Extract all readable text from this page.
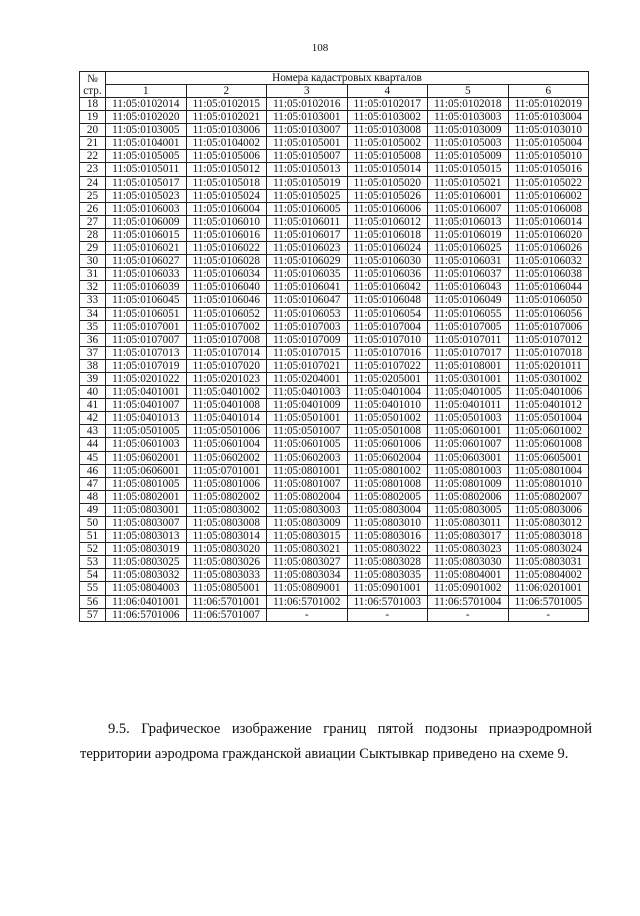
108
№
стр.	Номера кадастровых кварталов					
	1	2	3	4	5	6
18	11:05:0102014	11:05:0102015	11:05:0102016	11:05:0102017	11:05:0102018	11:05:0102019
19	11:05:0102020	11:05:0102021	11:05:0103001	11:05:0103002	11:05:0103003	11:05:0103004
20	11:05:0103005	11:05:0103006	11:05:0103007	11:05:0103008	11:05:0103009	11:05:0103010
21	11:05:0104001	11:05:0104002	11:05:0105001	11:05:0105002	11:05:0105003	11:05:0105004
22	11:05:0105005	11:05:0105006	11:05:0105007	11:05:0105008	11:05:0105009	11:05:0105010
23	11:05:0105011	11:05:0105012	11:05:0105013	11:05:0105014	11:05:0105015	11:05:0105016
24	11:05:0105017	11:05:0105018	11:05:0105019	11:05:0105020	11:05:0105021	11:05:0105022
25	11:05:0105023	11:05:0105024	11:05:0105025	11:05:0105026	11:05:0106001	11:05:0106002
26	11:05:0106003	11:05:0106004	11:05:0106005	11:05:0106006	11:05:0106007	11:05:0106008
27	11:05:0106009	11:05:0106010	11:05:0106011	11:05:0106012	11:05:0106013	11:05:0106014
28	11:05:0106015	11:05:0106016	11:05:0106017	11:05:0106018	11:05:0106019	11:05:0106020
29	11:05:0106021	11:05:0106022	11:05:0106023	11:05:0106024	11:05:0106025	11:05:0106026
30	11:05:0106027	11:05:0106028	11:05:0106029	11:05:0106030	11:05:0106031	11:05:0106032
31	11:05:0106033	11:05:0106034	11:05:0106035	11:05:0106036	11:05:0106037	11:05:0106038
32	11:05:0106039	11:05:0106040	11:05:0106041	11:05:0106042	11:05:0106043	11:05:0106044
33	11:05:0106045	11:05:0106046	11:05:0106047	11:05:0106048	11:05:0106049	11:05:0106050
34	11:05:0106051	11:05:0106052	11:05:0106053	11:05:0106054	11:05:0106055	11:05:0106056
35	11:05:0107001	11:05:0107002	11:05:0107003	11:05:0107004	11:05:0107005	11:05:0107006
36	11:05:0107007	11:05:0107008	11:05:0107009	11:05:0107010	11:05:0107011	11:05:0107012
37	11:05:0107013	11:05:0107014	11:05:0107015	11:05:0107016	11:05:0107017	11:05:0107018
38	11:05:0107019	11:05:0107020	11:05:0107021	11:05:0107022	11:05:0108001	11:05:0201011
39	11:05:0201022	11:05:0201023	11:05:0204001	11:05:0205001	11:05:0301001	11:05:0301002
40	11:05:0401001	11:05:0401002	11:05:0401003	11:05:0401004	11:05:0401005	11:05:0401006
41	11:05:0401007	11:05:0401008	11:05:0401009	11:05:0401010	11:05:0401011	11:05:0401012
42	11:05:0401013	11:05:0401014	11:05:0501001	11:05:0501002	11:05:0501003	11:05:0501004
43	11:05:0501005	11:05:0501006	11:05:0501007	11:05:0501008	11:05:0601001	11:05:0601002
44	11:05:0601003	11:05:0601004	11:05:0601005	11:05:0601006	11:05:0601007	11:05:0601008
45	11:05:0602001	11:05:0602002	11:05:0602003	11:05:0602004	11:05:0603001	11:05:0605001
46	11:05:0606001	11:05:0701001	11:05:0801001	11:05:0801002	11:05:0801003	11:05:0801004
47	11:05:0801005	11:05:0801006	11:05:0801007	11:05:0801008	11:05:0801009	11:05:0801010
48	11:05:0802001	11:05:0802002	11:05:0802004	11:05:0802005	11:05:0802006	11:05:0802007
49	11:05:0803001	11:05:0803002	11:05:0803003	11:05:0803004	11:05:0803005	11:05:0803006
50	11:05:0803007	11:05:0803008	11:05:0803009	11:05:0803010	11:05:0803011	11:05:0803012
51	11:05:0803013	11:05:0803014	11:05:0803015	11:05:0803016	11:05:0803017	11:05:0803018
52	11:05:0803019	11:05:0803020	11:05:0803021	11:05:0803022	11:05:0803023	11:05:0803024
53	11:05:0803025	11:05:0803026	11:05:0803027	11:05:0803028	11:05:0803030	11:05:0803031
54	11:05:0803032	11:05:0803033	11:05:0803034	11:05:0803035	11:05:0804001	11:05:0804002
55	11:05:0804003	11:05:0805001	11:05:0809001	11:05:0901001	11:05:0901002	11:06:0201001
56	11:06:0401001	11:06:5701001	11:06:5701002	11:06:5701003	11:06:5701004	11:06:5701005
57	11:06:5701006	11:06:5701007	-	-	-	-
9.5. Графическое изображение границ пятой подзоны приаэродромной
территории аэродрома гражданской авиации Сыктывкар приведено на схеме 9.
